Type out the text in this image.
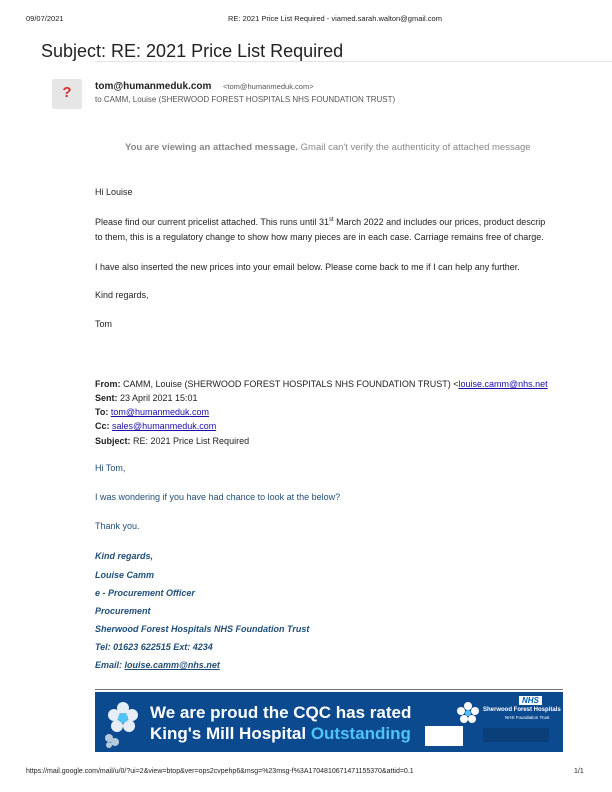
09/07/2021	RE: 2021 Price List Required - viamed.sarah.walton@gmail.com
Subject: RE: 2021 Price List Required
?	tom@humanmeduk.com <tom@humanmeduk.com>
to CAMM, Louise (SHERWOOD FOREST HOSPITALS NHS FOUNDATION TRUST)
You are viewing an attached message. Gmail can't verify the authenticity of attached message
Hi Louise
Please find our current pricelist attached. This runs until 31st March 2022 and includes our prices, product descrip
to them, this is a regulatory change to show how many pieces are in each case. Carriage remains free of charge.
I have also inserted the new prices into your email below. Please come back to me if I can help any further.
Kind regards,
Tom
From: CAMM, Louise (SHERWOOD FOREST HOSPITALS NHS FOUNDATION TRUST) <louise.camm@nhs.net
Sent: 23 April 2021 15:01
To: tom@humanmeduk.com
Cc: sales@humanmeduk.com
Subject: RE: 2021 Price List Required
Hi Tom,
I was wondering if you have had chance to look at the below?
Thank you.
Kind regards,
Louise Camm
e - Procurement Officer
Procurement
Sherwood Forest Hospitals NHS Foundation Trust
Tel: 01623 622515 Ext: 4234
Email: louise.camm@nhs.net
We are proud the CQC has rated
King's Mill Hospital Outstanding
NHS
Sherwood Forest Hospitals
NHS Foundation Trust
https://mail.google.com/mail/u/0/?ui=2&view=btop&ver=ops2cvpehp6&msg=%23msg-f%3A1704810671471155370&attid=0.1	1/1
